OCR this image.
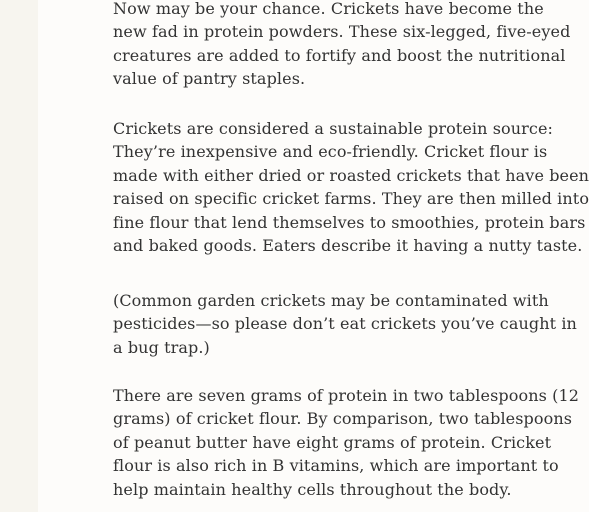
Now may be your chance. Crickets have become the
new fad in protein powders. These six-legged, five-eyed
creatures are added to fortify and boost the nutritional
value of pantry staples.

Crickets are considered a sustainable protein source:
They’re inexpensive and eco-friendly. Cricket flour is
made with either dried or roasted crickets that have been
raised on specific cricket farms. They are then milled into
fine flour that lend themselves to smoothies, protein bars
and baked goods. Eaters describe it having a nutty taste.

(Common garden crickets may be contaminated with
pesticides—so please don’t eat crickets you’ve caught in
a bug trap.)

There are seven grams of protein in two tablespoons (12
grams) of cricket flour. By comparison, two tablespoons
of peanut butter have eight grams of protein. Cricket
flour is also rich in B vitamins, which are important to
help maintain healthy cells throughout the body.
